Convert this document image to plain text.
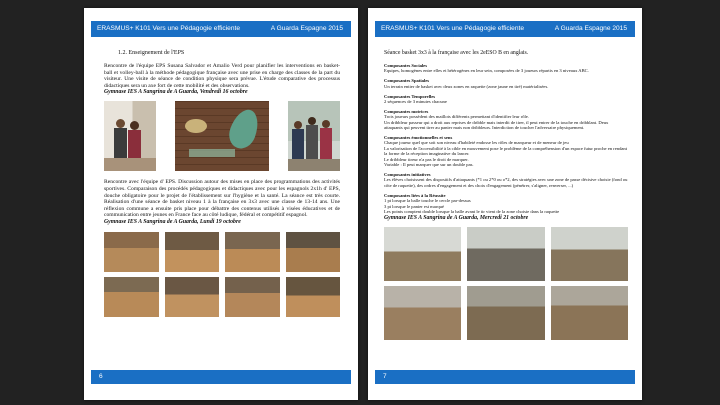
ERASMUS+ K101 Vers une Pédagogie efficiente	A Guarda Espagne 2015

1.2. Enseignement de l'EPS

Rencontre de l'équipe EPS Susana Salvador et Amalio Verd pour planifier les interventions en basket-ball et volley-ball à la méthode pédagogique française avec une prise en charge des classes de la part du visiteur. Une visite de séance de condition physique sera prévue. L'étude comparative des processus didactiques sera un axe fort de cette mobilité et des observations.

Gymnase IES A Sangrina de A Guarda, Vendredi 16 octobre

Rencontre avec l'équipe d' EPS. Discussion autour des mises en place des programmations des activités sportives. Comparaison des procédés pédagogiques et didactiques avec pour les espagnols 2x1h d' EPS, douche obligatoire pour le projet de l'établissement sur l'hygiène et la santé. La séance est très courte. Réalisation d'une séance de basket niveau 1 à la française en 3x3 avec une classe de 13-14 ans. Une réflexion commune a ensuite pris place pour débattre des contenus utilisés à visées éducatives et de communication entre jeunes en France face au côté ludique, fédéral et compétitif espagnol.

Gymnase IES A Sangrina de A Guarda, Lundi 19 octobre

6
ERASMUS+ K101 Vers une Pédagogie efficiente	A Guarda Espagne 2015

Séance basket 3x3 à la française avec les 2eESO B en anglais.

Composantes Sociales

Equipes, homogènes entre elles et hétérogènes en leur sein, composées de 3 joueurs répartis en 3 niveaux ABC.

Composantes Spatiales

Un terrain entier de basket avec deux zones en raquette (zone jaune en tiré) matérialisées.

Composantes Temporelles

2 séquences de 3 minutes chacune

Composantes motrices

Trois joueurs possèdent des maillots différents permettant d'identifier leur rôle.
Un dribbleur passeur qui a droit aux reprises de dribble mais interdit de tirer, il peut entrer de la touche en dribblant. Deux attaquants qui peuvent tirer au panier mais non dribbleurs. Interdiction de toucher l'adversaire physiquement.

Composantes émotionnelles et sens

Chaque joueur quel que soit son niveau d'habileté endosse les rôles de marqueur et de meneur de jeu
La valorisation de l'accessibilité à la cible en mouvement pose le problème de la compréhension d'un espace futur proche en rendant la forme de la réception imaginative du lancer.
Le dribbleur tireur n'a pas le droit de marquer.
Variable : Il peut marquer que sur un double pas.

Composantes initiatives

Les élèves choisissent des dispositifs d'attaquants (*1 ou 2*0 ou o*2, des stratégies avec une zone de passe décisive choisie (fond ou côte de raquette), des ordres d'engagement et des choix d'engagement (pénétrer, s'aligner, renverser, ...)

Composantes liées à la Réussite

1 pt lorsque la balle touche le cercle par-dessus
3 pt lorsque le panier est marqué
Les points comptent double lorsque la balle avant le tir vient de la zone choisie dans la raquette

Gymnase IES A Sangrina de A Guarda, Mercredi 21 octobre

7
